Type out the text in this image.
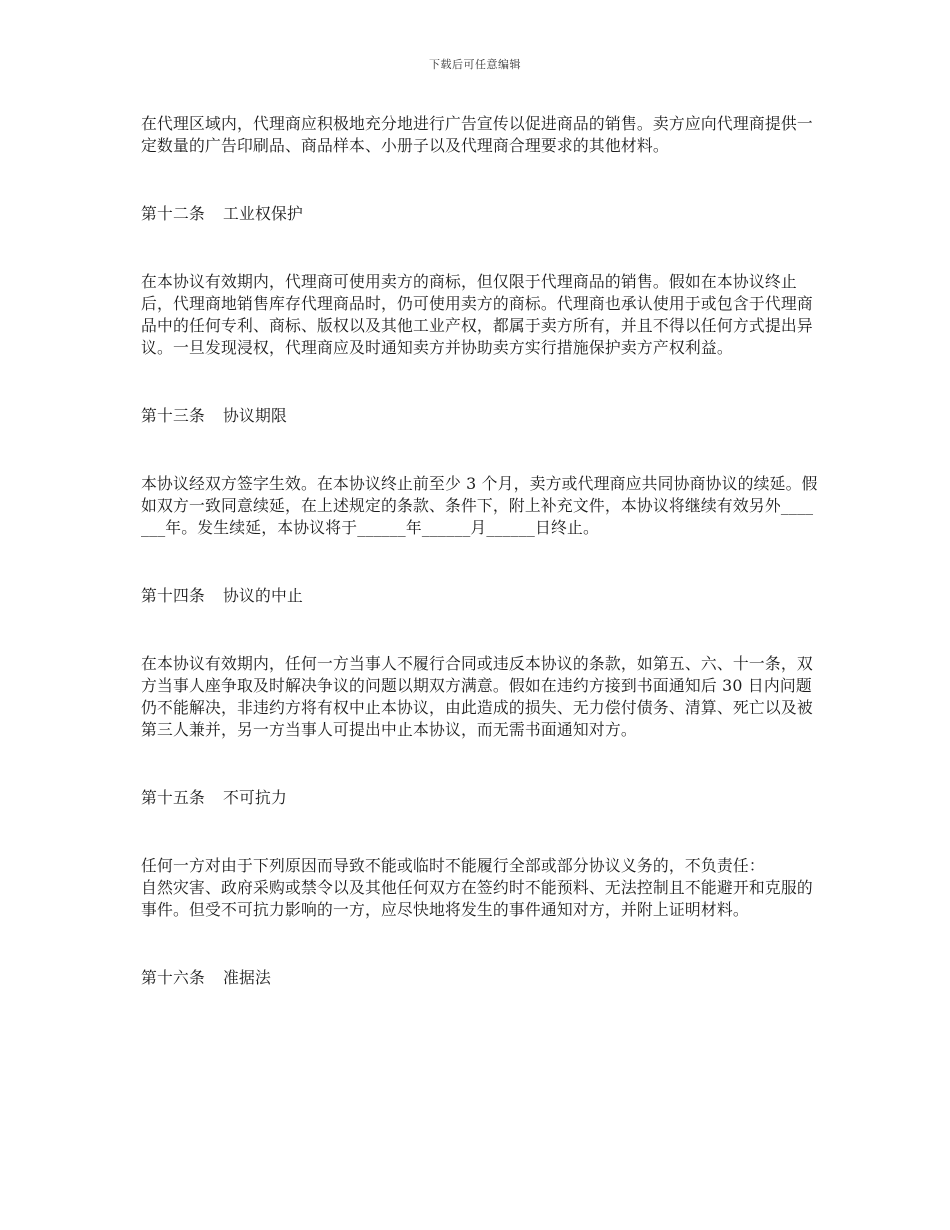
下载后可任意编辑

在代理区域内，代理商应积极地充分地进行广告宣传以促进商品的销售。卖方应向代理商提供一定数量的广告印刷品、商品样本、小册子以及代理商合理要求的其他材料。

第十二条 工业权保护

在本协议有效期内，代理商可使用卖方的商标，但仅限于代理商品的销售。假如在本协议终止后，代理商地销售库存代理商品时，仍可使用卖方的商标。代理商也承认使用于或包含于代理商品中的任何专利、商标、版权以及其他工业产权，都属于卖方所有，并且不得以任何方式提出异议。一旦发现浸权，代理商应及时通知卖方并协助卖方实行措施保护卖方产权利益。

第十三条 协议期限

本协议经双方签字生效。在本协议终止前至少 3 个月，卖方或代理商应共同协商协议的续延。假如双方一致同意续延，在上述规定的条款、条件下，附上补充文件，本协议将继续有效另外_______年。发生续延，本协议将于______年______月______日终止。

第十四条 协议的中止

在本协议有效期内，任何一方当事人不履行合同或违反本协议的条款，如第五、六、十一条，双方当事人座争取及时解决争议的问题以期双方满意。假如在违约方接到书面通知后 30 日内问题仍不能解决，非违约方将有权中止本协议，由此造成的损失、无力偿付债务、清算、死亡以及被第三人兼并，另一方当事人可提出中止本协议，而无需书面通知对方。

第十五条 不可抗力

任何一方对由于下列原因而导致不能或临时不能履行全部或部分协议义务的，不负责任：

自然灾害、政府采购或禁令以及其他任何双方在签约时不能预料、无法控制且不能避开和克服的事件。但受不可抗力影响的一方，应尽快地将发生的事件通知对方，并附上证明材料。

第十六条 准据法
